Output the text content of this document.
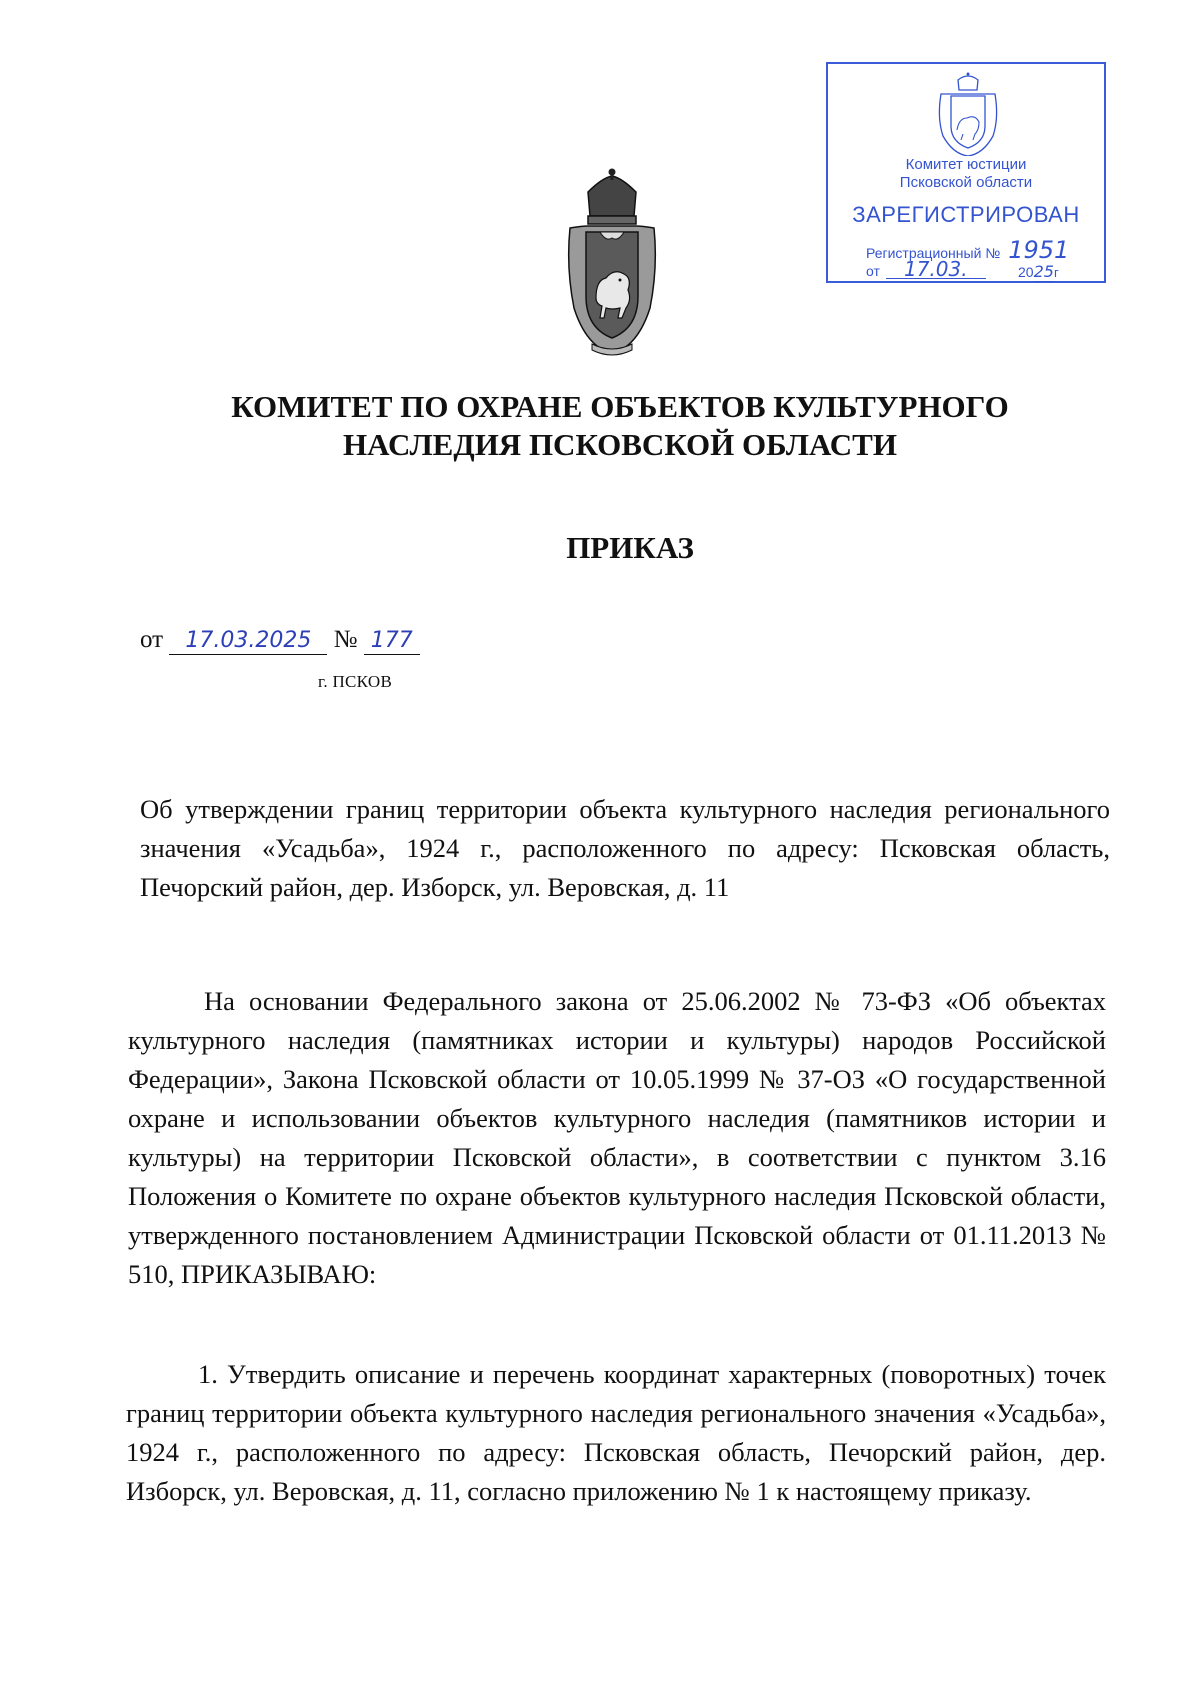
Комитет юстиции
Псковской области
ЗАРЕГИСТРИРОВАН
Регистрационный № 1951
от 17.03.	2025г
КОМИТЕТ ПО ОХРАНЕ ОБЪЕКТОВ КУЛЬТУРНОГО НАСЛЕДИЯ ПСКОВСКОЙ ОБЛАСТИ
ПРИКАЗ
от 17.03.2025 № 177
г. ПСКОВ
Об утверждении границ территории объекта культурного наследия регионального значения «Усадьба», 1924 г., расположенного по адресу: Псковская область, Печорский район, дер. Изборск, ул. Веровская, д. 11
На основании Федерального закона от 25.06.2002 № 73-ФЗ «Об объектах культурного наследия (памятниках истории и культуры) народов Российской Федерации», Закона Псковской области от 10.05.1999 № 37-ОЗ «О государственной охране и использовании объектов культурного наследия (памятников истории и культуры) на территории Псковской области», в соответствии с пунктом 3.16 Положения о Комитете по охране объектов культурного наследия Псковской области, утвержденного постановлением Администрации Псковской области от 01.11.2013 № 510, ПРИКАЗЫВАЮ:
1. Утвердить описание и перечень координат характерных (поворотных) точек границ территории объекта культурного наследия регионального значения «Усадьба», 1924 г., расположенного по адресу: Псковская область, Печорский район, дер. Изборск, ул. Веровская, д. 11, согласно приложению № 1 к настоящему приказу.
